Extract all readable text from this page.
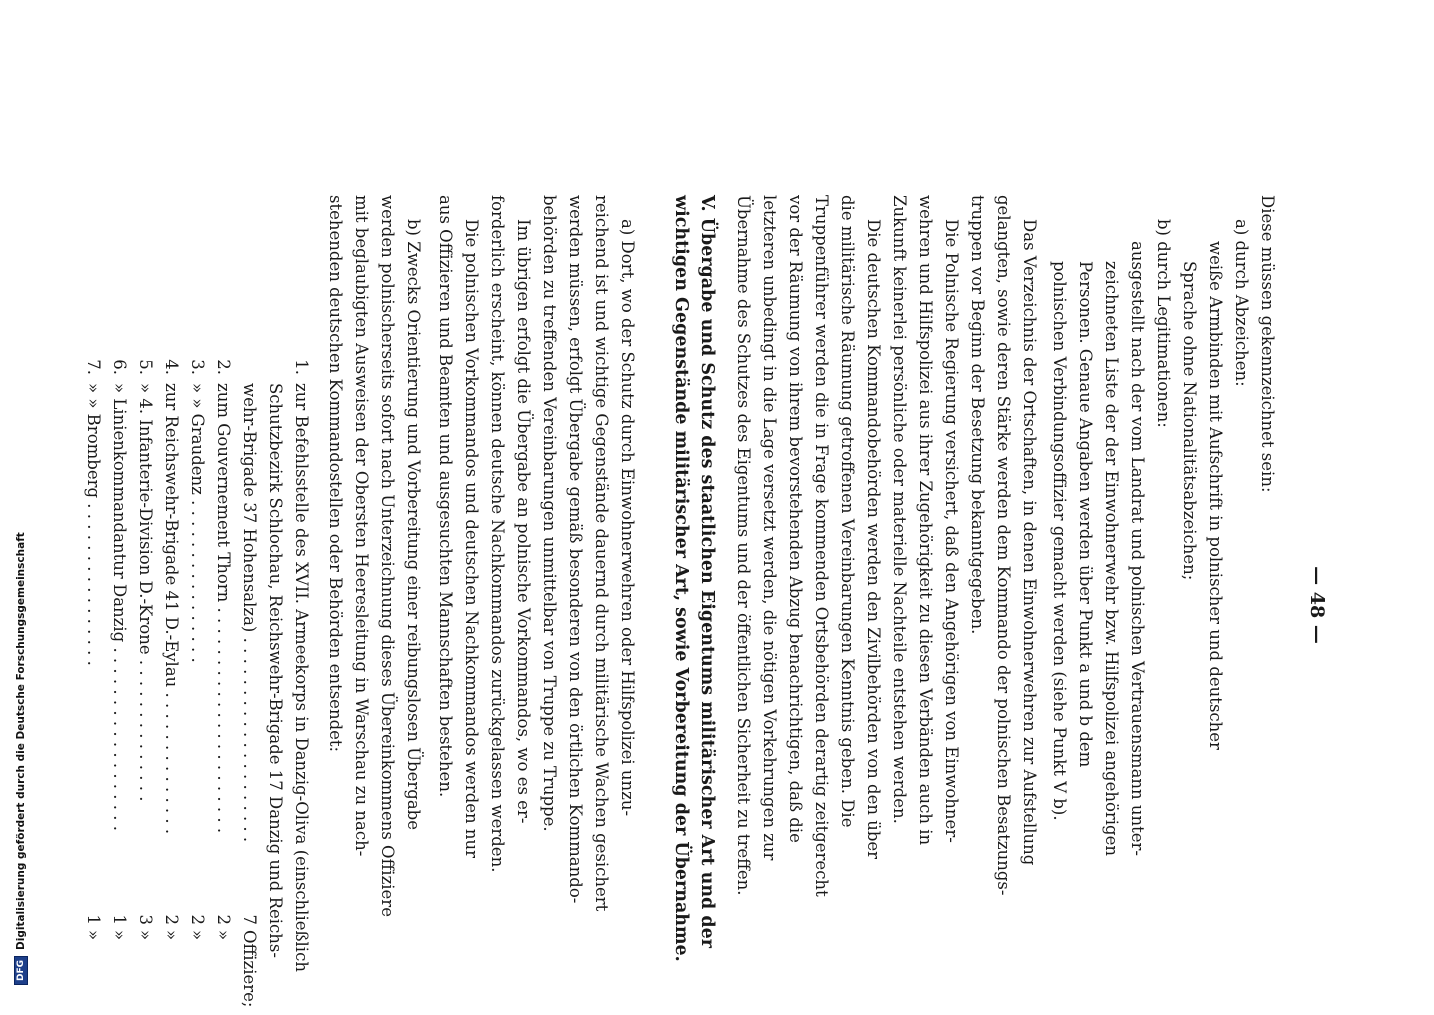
— 48 —
Diese müssen gekennzeichnet sein:
a) durch Abzeichen:
weiße Armbinden mit Aufschrift in polnischer und deutscher
Sprache ohne Nationalitätsabzeichen;
b) durch Legitimationen:
ausgestellt nach der vom Landrat und polnischen Vertrauensmann unter-
zeichneten Liste der der Einwohnerwehr bzw. Hilfspolizei angehörigen
Personen. Genaue Angaben werden über Punkt a und b dem
polnischen Verbindungsoffizier gemacht werden (siehe Punkt V b).
Das Verzeichnis der Ortschaften, in denen Einwohnerwehren zur Aufstellung
gelangten, sowie deren Stärke werden dem Kommando der polnischen Besatzungs-
truppen vor Beginn der Besetzung bekanntgegeben.
Die Polnische Regierung versichert, daß den Angehörigen von Einwohner-
wehren und Hilfspolizei aus ihrer Zugehörigkeit zu diesen Verbänden auch in
Zukunft keinerlei persönliche oder materielle Nachteile entstehen werden.
Die deutschen Kommandobehörden werden den Zivilbehörden von den über
die militärische Räumung getroffenen Vereinbarungen Kenntnis geben. Die
Truppenführer werden die in Frage kommenden Ortsbehörden derartig zeitgerecht
vor der Räumung von ihrem bevorstehenden Abzug benachrichtigen, daß die
letzteren unbedingt in die Lage versetzt werden, die nötigen Vorkehrungen zur
Übernahme des Schutzes des Eigentums und der öffentlichen Sicherheit zu treffen.
V. Übergabe und Schutz des staatlichen Eigentums militärischer Art und der
wichtigen Gegenstände militärischer Art, sowie Vorbereitung der Übernahme.
a) Dort, wo der Schutz durch Einwohnerwehren oder Hilfspolizei unzu-
reichend ist und wichtige Gegenstände dauernd durch militärische Wachen gesichert
werden müssen, erfolgt Übergabe gemäß besonderen von den örtlichen Kommando-
behörden zu treffenden Vereinbarungen unmittelbar von Truppe zu Truppe.
Im übrigen erfolgt die Übergabe an polnische Vorkommandos, wo es er-
forderlich erscheint, können deutsche Nachkommandos zurückgelassen werden.
Die polnischen Vorkommandos und deutschen Nachkommandos werden nur
aus Offizieren und Beamten und ausgesuchten Mannschaften bestehen.
b) Zwecks Orientierung und Vorbereitung einer reibungslosen Übergabe
werden polnischerseits sofort nach Unterzeichnung dieses Übereinkommens Offiziere
mit beglaubigten Ausweisen der Obersten Heeresleitung in Warschau zu nach-
stehenden deutschen Kommandostellen oder Behörden entsendet:
1.
zur Befehlsstelle des XVII. Armeekorps in Danzig-Oliva (einschließlich
Schutzbezirk Schlochau, Reichswehr-Brigade 17 Danzig und Reichs-
wehr-Brigade 37 Hohensalza) . . . . . . . . . . . . . . . . . . . .
7
Offiziere;
2.
zum Gouvernement Thorn . . . . . . . . . . . . . . . . . . . . . .
2
»
3.
» » Graudenz . . . . . . . . . . . . . . . .
2
»
4.
zur Reichswehr-Brigade 41 D.-Eylau . . . . . . . . . . . . . .
2
»
5.
» 4. Infanterie-Division D.-Krone . . . . . . . . . . . . . .
3
»
6.
» Linienkommandantur Danzig . . . . . . . . . . . . . . . . . .
1
»
7.
» » Bromberg . . . . . . . . . . . . . . . .
1
»
DFG
Digitalisierung gefördert durch die Deutsche Forschungsgemeinschaft
